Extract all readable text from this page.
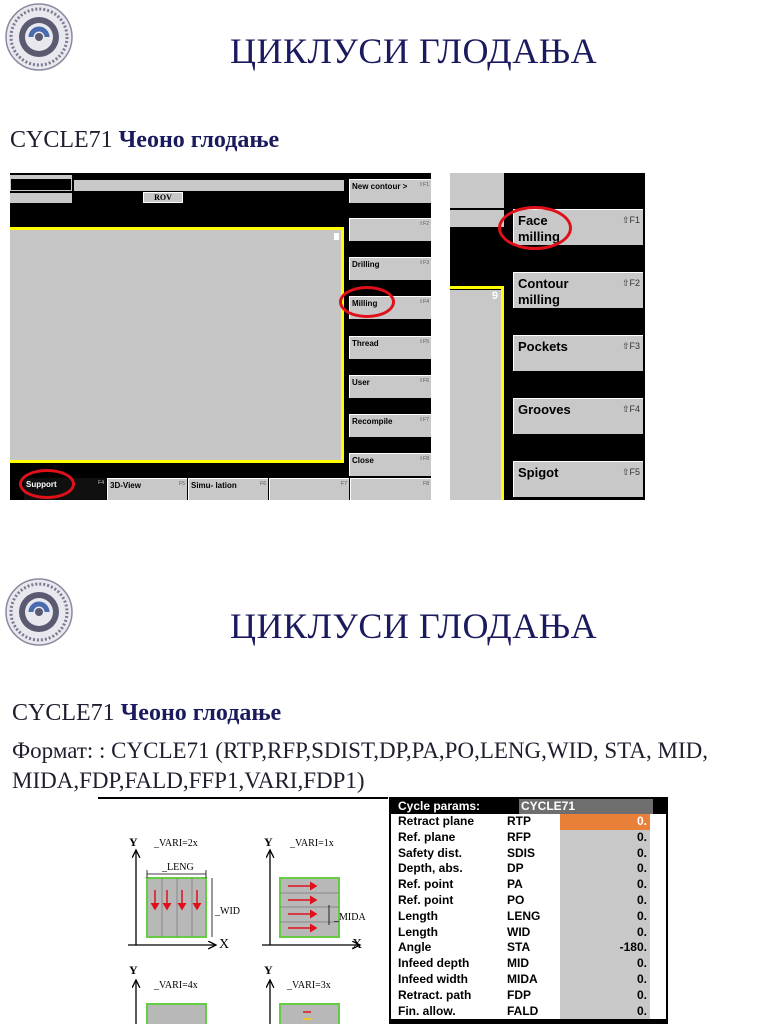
ЦИКЛУСИ ГЛОДАЊА
CYCLE71 Чеоно глодање
ROV
New contour > ⇧F1
⇧F2
Drilling	⇧F3
Milling	⇧F4
Thread	⇧F5
User	⇧F6
Recompile	⇧F7
Close	⇧F8
Support	F4 3D-View	F5 Simu- lation	F6	F7	F8
9
Face milling
⇧F1
Contour milling
⇧F2
Pockets	⇧F3
Grooves	⇧F4
Spigot	⇧F5
ЦИКЛУСИ ГЛОДАЊА
CYCLE71 Чеоно глодање
Формат: : CYCLE71 (RTP,RFP,SDIST,DP,PA,PO,LENG,WID, STA, MID, MIDA,FDP,FALD,FFP1,VARI,FDP1)
Y	Y
X	X
Y	Y
_VARI=2x	_VARI=1x
_VARI=4x	_VARI=3x
_LENG
_WID
_MIDA
Cycle params:	CYCLE71
Retract plane	RTP	0.
Ref. plane	RFP	0.
Safety dist.	SDIS	0.
Depth, abs.	DP	0.
Ref. point	PA	0.
Ref. point	PO	0.
Length	LENG	0.
Length	WID	0.
Angle	STA	-180.
Infeed depth	MID	0.
Infeed width	MIDA	0.
Retract. path	FDP	0.
Fin. allow.	FALD	0.
